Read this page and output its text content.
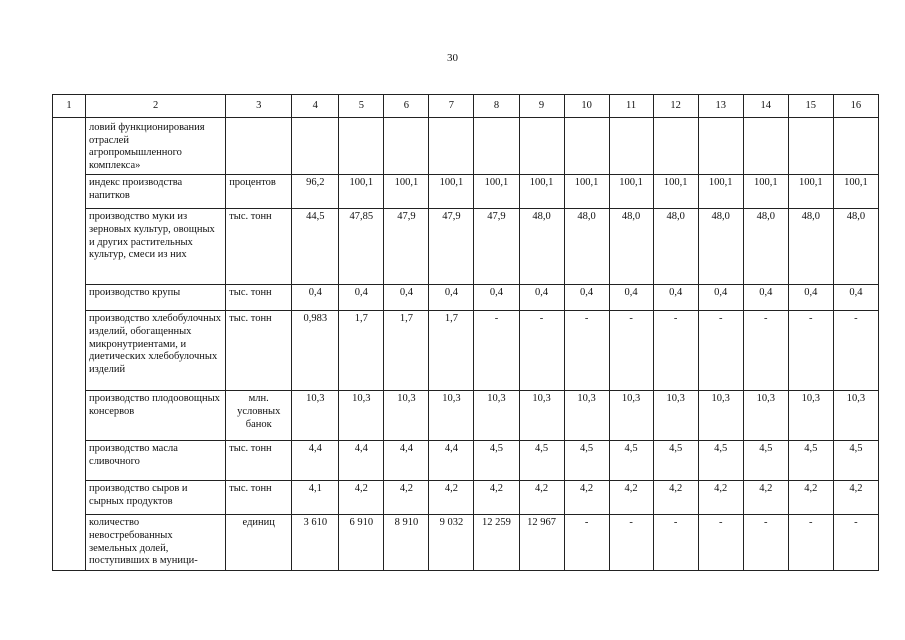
30
1	2	3	4	5	6	7	8	9	10	11	12	13	14	15	16
	ловий функционирования отраслей агропромышленного комплекса»														
	индекс производства напитков	процентов	96,2	100,1	100,1	100,1	100,1	100,1	100,1	100,1	100,1	100,1	100,1	100,1	100,1
	производство муки из зерновых культур, овощных и других растительных культур, смеси из них	тыс. тонн	44,5	47,85	47,9	47,9	47,9	48,0	48,0	48,0	48,0	48,0	48,0	48,0	48,0
	производство крупы	тыс. тонн	0,4	0,4	0,4	0,4	0,4	0,4	0,4	0,4	0,4	0,4	0,4	0,4	0,4
	производство хлебобулочных изделий, обогащенных микронутриентами, и диетических хлебобулочных изделий	тыс. тонн	0,983	1,7	1,7	1,7	-	-	-	-	-	-	-	-	-
	производство плодоовощных консервов	млн. условных банок	10,3	10,3	10,3	10,3	10,3	10,3	10,3	10,3	10,3	10,3	10,3	10,3	10,3
	производство масла сливочного	тыс. тонн	4,4	4,4	4,4	4,4	4,5	4,5	4,5	4,5	4,5	4,5	4,5	4,5	4,5
	производство сыров и сырных продуктов	тыс. тонн	4,1	4,2	4,2	4,2	4,2	4,2	4,2	4,2	4,2	4,2	4,2	4,2	4,2
	количество невостребованных земельных долей, поступивших в муници-	единиц	3 610	6 910	8 910	9 032	12 259	12 967	-	-	-	-	-	-	-
